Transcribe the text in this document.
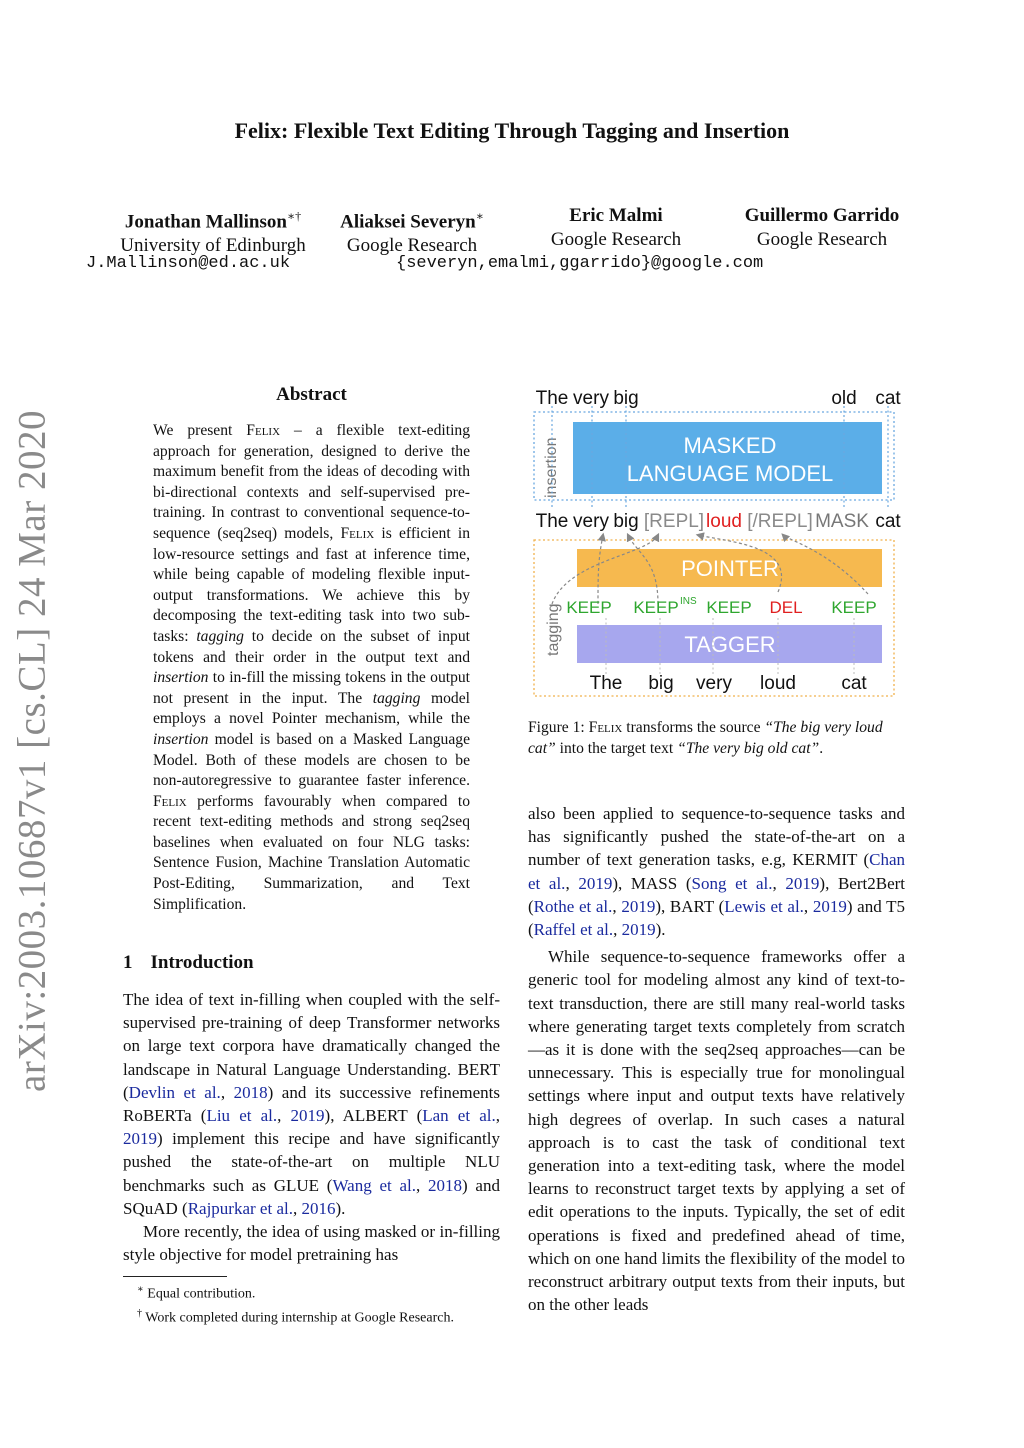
Felix: Flexible Text Editing Through Tagging and Insertion
Jonathan Mallinson∗†
University of Edinburgh
Aliaksei Severyn∗
Google Research
Eric Malmi
Google Research
Guillermo Garrido
Google Research
J.Mallinson@ed.ac.uk	{severyn,emalmi,ggarrido}@google.com
arXiv:2003.10687v1 [cs.CL] 24 Mar 2020
Abstract
We present Felix – a flexible text-editing approach for generation, designed to derive the maximum benefit from the ideas of decoding with bi-directional contexts and self-supervised pre-training. In contrast to conventional sequence-to-sequence (seq2seq) models, Felix is efficient in low-resource settings and fast at inference time, while being capable of modeling flexible input-output transformations. We achieve this by decomposing the text-editing task into two sub-tasks: tagging to decide on the subset of input tokens and their order in the output text and insertion to in-fill the missing tokens in the output not present in the input. The tagging model employs a novel Pointer mechanism, while the insertion model is based on a Masked Language Model. Both of these models are chosen to be non-autoregressive to guarantee faster inference. Felix performs favourably when compared to recent text-editing methods and strong seq2seq baselines when evaluated on four NLG tasks: Sentence Fusion, Machine Translation Automatic Post-Editing, Summarization, and Text Simplification.
1 Introduction

The idea of text in-filling when coupled with the self-supervised pre-training of deep Transformer networks on large text corpora have dramatically changed the landscape in Natural Language Understanding. BERT (Devlin et al., 2018) and its successive refinements RoBERTa (Liu et al., 2019), ALBERT (Lan et al., 2019) implement this recipe and have significantly pushed the state-of-the-art on multiple NLU benchmarks such as GLUE (Wang et al., 2018) and SQuAD (Rajpurkar et al., 2016).

More recently, the idea of using masked or in-filling style objective for model pretraining has

∗ Equal contribution.
† Work completed during internship at Google Research.
insertion	MASKED
LANGUAGE MODEL
The very big	old cat
The very big [REPL] loud [/REPL] MASK cat
tagging
POINTER
KEEP KEEP INS KEEP DEL KEEP
TAGGER
The big very loud cat
Figure 1: Felix transforms the source “The big very loud cat” into the target text “The very big old cat”.

also been applied to sequence-to-sequence tasks and has significantly pushed the state-of-the-art on a number of text generation tasks, e.g, KERMIT (Chan et al., 2019), MASS (Song et al., 2019), Bert2Bert (Rothe et al., 2019), BART (Lewis et al., 2019) and T5 (Raffel et al., 2019).

While sequence-to-sequence frameworks offer a generic tool for modeling almost any kind of text-to-text transduction, there are still many real-world tasks where generating target texts completely from scratch—as it is done with the seq2seq approaches—can be unnecessary. This is especially true for monolingual settings where input and output texts have relatively high degrees of overlap. In such cases a natural approach is to cast the task of conditional text generation into a text-editing task, where the model learns to reconstruct target texts by applying a set of edit operations to the inputs. Typically, the set of edit operations is fixed and predefined ahead of time, which on one hand limits the flexibility of the model to reconstruct arbitrary output texts from their inputs, but on the other leads
